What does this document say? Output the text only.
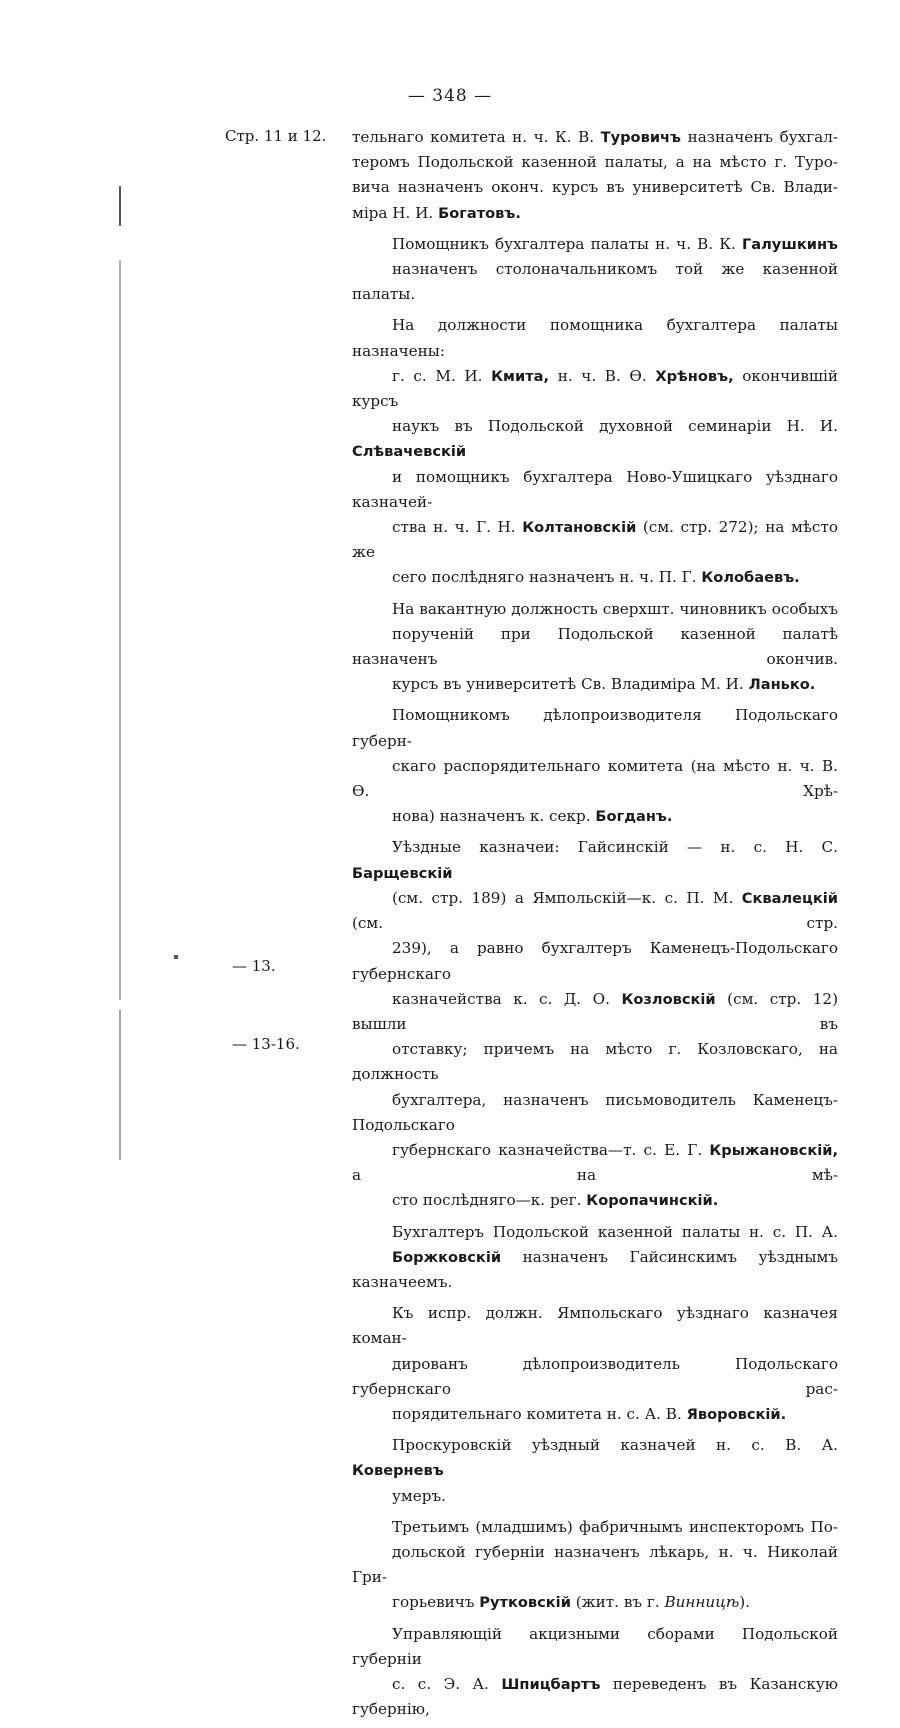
— 348 —
Стр. 11 и 12.
— 13.
— 13-16.

тельнаго комитета н. ч. К. В. Туровичъ назначенъ бухгал-
теромъ Подольской казенной палаты, а на мѣсто г. Туро-
вича назначенъ оконч. курсъ въ университетѣ Св. Влади-
міра Н. И. Богатовъ.

Помощникъ бухгалтера палаты н. ч. В. К. Галушкинъ
назначенъ столоначальникомъ той же казенной палаты.

На должности помощника бухгалтера палаты назначены:
г. с. М. И. Кмита, н. ч. В. Ѳ. Хрѣновъ, окончившій курсъ
наукъ въ Подольской духовной семинаріи Н. И. Слѣвачевскій
и помощникъ бухгалтера Ново-Ушицкаго уѣзднаго казначей-
ства н. ч. Г. Н. Колтановскій (см. стр. 272); на мѣсто же
сего послѣдняго назначенъ н. ч. П. Г. Колобаевъ.

На вакантную должность сверхшт. чиновникъ особыхъ
порученій при Подольской казенной палатѣ назначенъ окончив.
курсъ въ университетѣ Св. Владиміра М. И. Ланько.

Помощникомъ дѣлопроизводителя Подольскаго губерн-
скаго распорядительнаго комитета (на мѣсто н. ч. В. Ѳ. Хрѣ-
нова) назначенъ к. секр. Богданъ.

Уѣздные казначеи: Гайсинскій — н. с. Н. С. Барщевскій
(см. стр. 189) а Ямпольскій—к. с. П. М. Сквалецкій (см. стр.
239), а равно бухгалтеръ Каменецъ-Подольскаго губернскаго
казначейства к. с. Д. О. Козловскій (см. стр. 12) вышли въ
отставку; причемъ на мѣсто г. Козловскаго, на должность
бухгалтера, назначенъ письмоводитель Каменецъ-Подольскаго
губернскаго казначейства—т. с. Е. Г. Крыжановскій, а на мѣ-
сто послѣдняго—к. рег. Коропачинскій.

Бухгалтеръ Подольской казенной палаты н. с. П. А.
Боржковскій назначенъ Гайсинскимъ уѣзднымъ казначеемъ.

Къ испр. должн. Ямпольскаго уѣзднаго казначея коман-
дированъ дѣлопроизводитель Подольскаго губернскаго рас-
порядительнаго комитета н. с. А. В. Яворовскій.

Проскуровскій уѣздный казначей н. с. В. А. Коверневъ
умеръ.

Третьимъ (младшимъ) фабричнымъ инспекторомъ По-
дольской губерніи назначенъ лѣкарь, н. ч. Николай Гри-
горьевичъ Рутковскій (жит. въ г. Винницѣ).

Управляющій акцизными сборами Подольской губерніи
с. с. Э. А. Шпицбартъ переведенъ въ Казанскую губернію,
